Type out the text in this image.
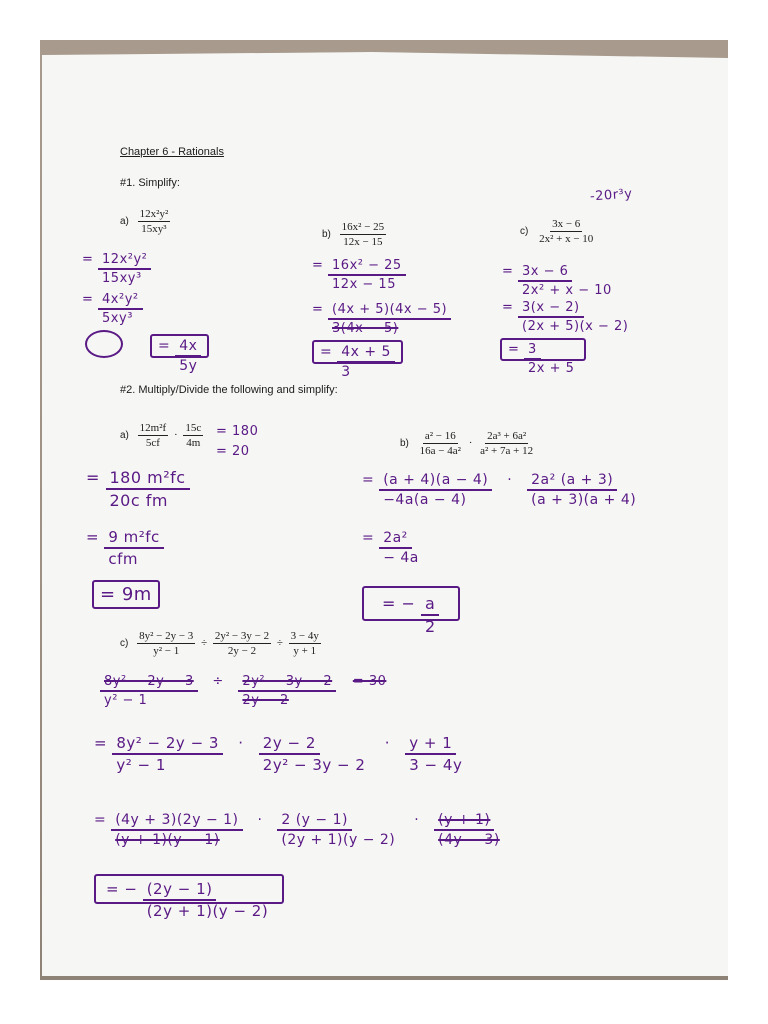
Chapter 6 - Rationals
#1. Simplify:
$a) \frac{\text{12x²y²}}{\text{15xy³}}$	$b) \frac{\text{16x² − 25}}{12x - 15}$	$c) \frac{3x - 6}{\text{2x² + x − 10}}$
#2. Multiply/Divide the following and simplify:
$a) \frac{\text{12m²f}}{5cf} \cdot \frac{15c}{4m}$	$b) \frac{\text{a² − 16}}{\text{16a − 4a²}} \cdot \frac{\text{2a³ + 6a²}}{\text{a² + 7a + 12}}$
$c) \frac{\text{8y² − 2y − 3}}{\text{y² − 1}} \div \frac{\text{2y² − 3y − 2}}{2y - 2} \div \frac{3 - 4y}{y + 1}$
-20r³y
= $\frac{\text{12x²y²}}{\text{15xy³}}$
= $\frac{\text{4x²y²}}{\text{5xy³}}$
= $\frac{4x}{5y}$
= $\frac{\text{16x² − 25}}{12x - 15}$
= $\frac{(4x + 5)(4x - 5)}{3(4x - 5)}$
= $\frac{4x + 5}{3}$
= $\frac{3x - 6}{\text{2x² + x − 10}}$
= $\frac{3(x - 2)}{(2x + 5)(x - 2)}$
= $\frac{3}{2x + 5}$
= 180
= 20
= $\frac{\text{180 m²fc}}{\text{20c fm}}$
= $\frac{\text{9 m²fc}}{\text{cfm}}$
= 9m
= $\frac{(a + 4)(a - 4)}{-4a(a - 4)} \cdot \frac{\text{2a² (a + 3)}}{(a + 3)(a + 4)}$
= $\frac{\text{2a²}}{- 4a}$
= − $\frac{a}{2}$
$\frac{\text{8y² − 2y − 3}}{\text{y² − 1}} \div \frac{\text{2y² − 3y − 2}}{2y - 2} = 30$
= $\frac{\text{8y² − 2y − 3}}{\text{y² − 1}} \cdot \frac{2y - 2}{\text{2y² − 3y − 2}} \cdot \frac{y + 1}{3 - 4y}$
= $\frac{(4y + 3)(2y - 1)}{(y + 1)(y - 1)} \cdot \frac{2 (y - 1)}{(2y + 1)(y - 2)} \cdot \frac{(y + 1)}{(4y - 3)}$
= − $\frac{(2y - 1)}{(2y + 1)(y - 2)}$
